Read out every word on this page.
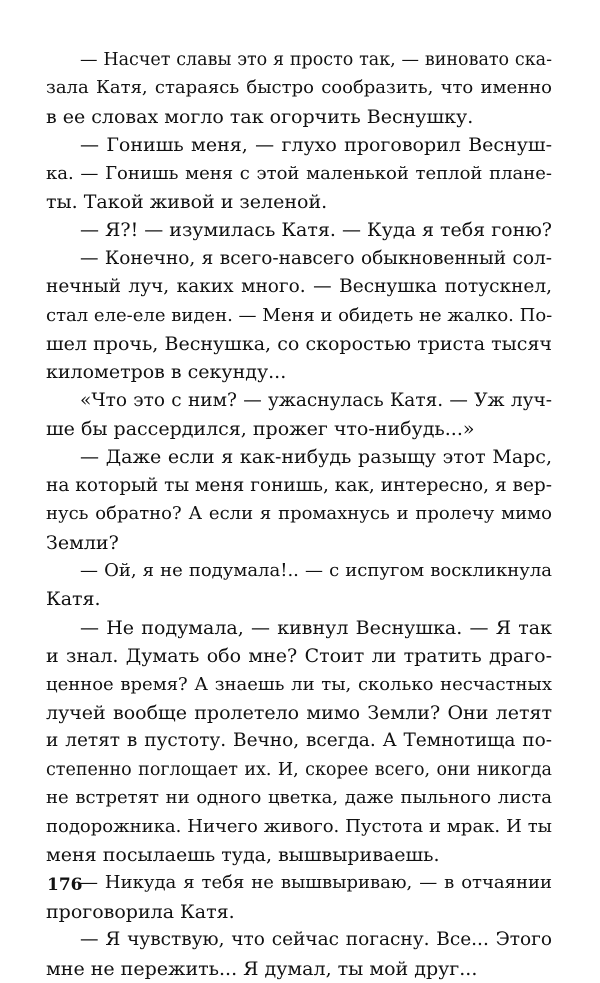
— Насчет славы это я просто так, — виновато ска-
зала Катя, стараясь быстро сообразить, что именно
в ее словах могло так огорчить Веснушку.
— Гонишь меня, — глухо проговорил Веснуш-
ка. — Гонишь меня с этой маленькой теплой плане-
ты. Такой живой и зеленой.
— Я?! — изумилась Катя. — Куда я тебя гоню?
— Конечно, я всего-навсего обыкновенный сол-
нечный луч, каких много. — Веснушка потускнел,
стал еле-еле виден. — Меня и обидеть не жалко. По-
шел прочь, Веснушка, со скоростью триста тысяч
километров в секунду...
«Что это с ним? — ужаснулась Катя. — Уж луч-
ше бы рассердился, прожег что-нибудь...»
— Даже если я как-нибудь разыщу этот Марс,
на который ты меня гонишь, как, интересно, я вер-
нусь обратно? А если я промахнусь и пролечу мимо
Земли?
— Ой, я не подумала!.. — с испугом воскликнула
Катя.
— Не подумала, — кивнул Веснушка. — Я так
и знал. Думать обо мне? Стоит ли тратить драго-
ценное время? А знаешь ли ты, сколько несчастных
лучей вообще пролетело мимо Земли? Они летят
и летят в пустоту. Вечно, всегда. А Темнотища по-
степенно поглощает их. И, скорее всего, они никогда
не встретят ни одного цветка, даже пыльного листа
подорожника. Ничего живого. Пустота и мрак. И ты
меня посылаешь туда, вышвыриваешь.
— Никуда я тебя не вышвыриваю, — в отчаянии
проговорила Катя.
— Я чувствую, что сейчас погасну. Все... Этого
мне не пережить... Я думал, ты мой друг...
176
